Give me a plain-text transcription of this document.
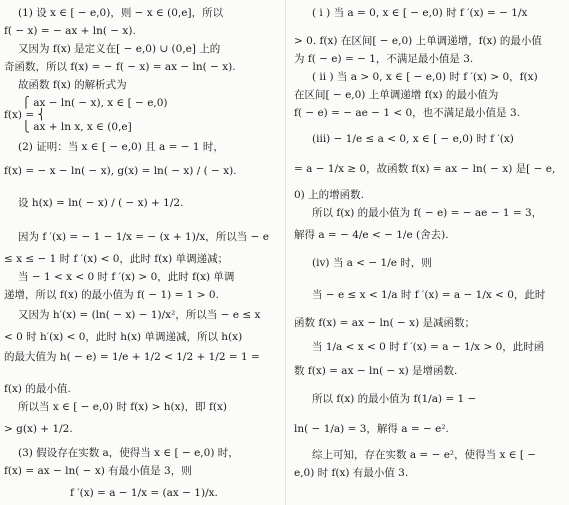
(1) 设 x ∈ [ − e,0)，则 − x ∈ (0,e]，所以
f( − x) = − ax + ln( − x).
又因为 f(x) 是定义在[ − e,0) ∪ (0,e] 上的
奇函数，所以 f(x) = − f( − x) = ax − ln( − x).
故函数 f(x) 的解析式为
⎧ ax − ln( − x), x ∈ [ − e,0)
f(x) = ⎨
⎩ ax + ln x, x ∈ (0,e]
(2) 证明：当 x ∈ [ − e,0) 且 a = − 1 时，
f(x) = − x − ln( − x), g(x) = ln( − x) / ( − x).
设 h(x) = ln( − x) / ( − x) + 1/2.
因为 f ′(x) = − 1 − 1/x = − (x + 1)/x，所以当 − e
≤ x ≤ − 1 时 f ′(x) < 0，此时 f(x) 单调递减；
当 − 1 < x < 0 时 f ′(x) > 0，此时 f(x) 单调
递增，所以 f(x) 的最小值为 f( − 1) = 1 > 0.
又因为 h′(x) = (ln( − x) − 1)/x²，所以当 − e ≤ x
< 0 时 h′(x) < 0，此时 h(x) 单调递减，所以 h(x)
的最大值为 h( − e) = 1/e + 1/2 < 1/2 + 1/2 = 1 =
f(x) 的最小值.
所以当 x ∈ [ − e,0) 时 f(x) > h(x)，即 f(x)
> g(x) + 1/2.
(3) 假设存在实数 a，使得当 x ∈ [ − e,0) 时，
f(x) = ax − ln( − x) 有最小值是 3，则
f ′(x) = a − 1/x = (ax − 1)/x.
( i ) 当 a = 0, x ∈ [ − e,0) 时 f ′(x) = − 1/x
> 0. f(x) 在区间[ − e,0) 上单调递增，f(x) 的最小值
为 f( − e) = − 1，不满足最小值是 3.
( ii ) 当 a > 0, x ∈ [ − e,0) 时 f ′(x) > 0，f(x)
在区间[ − e,0) 上单调递增 f(x) 的最小值为
f( − e) = − ae − 1 < 0，也不满足最小值是 3.
(iii) − 1/e ≤ a < 0, x ∈ [ − e,0) 时 f ′(x)
= a − 1/x ≥ 0，故函数 f(x) = ax − ln( − x) 是[ − e,
0) 上的增函数.
所以 f(x) 的最小值为 f( − e) = − ae − 1 = 3，
解得 a = − 4/e < − 1/e (舍去).
(iv) 当 a < − 1/e 时，则
当 − e ≤ x < 1/a 时 f ′(x) = a − 1/x < 0，此时
函数 f(x) = ax − ln( − x) 是减函数；
当 1/a < x < 0 时 f ′(x) = a − 1/x > 0，此时函
数 f(x) = ax − ln( − x) 是增函数.
所以 f(x) 的最小值为 f(1/a) = 1 −
ln( − 1/a) = 3，解得 a = − e².
综上可知，存在实数 a = − e²，使得当 x ∈ [ −
e,0) 时 f(x) 有最小值 3.
